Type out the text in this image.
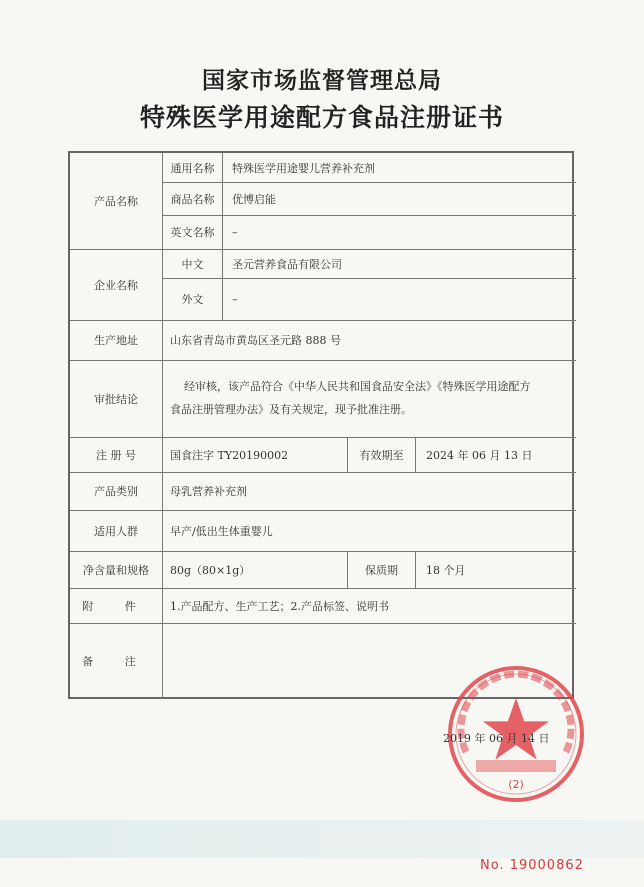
国家市场监督管理总局
特殊医学用途配方食品注册证书
产品名称
通用名称	特殊医学用途婴儿营养补充剂
商品名称	优博启能
英文名称	–
企业名称
中文	圣元营养食品有限公司
外文	–
生产地址	山东省青岛市黄岛区圣元路 888 号
审批结论
经审核，该产品符合《中华人民共和国食品安全法》《特殊医学用途配方
食品注册管理办法》及有关规定，现予批准注册。
注 册 号	国食注字 TY20190002	有效期至	2024 年 06 月 13 日
产品类别	母乳营养补充剂
适用人群	早产/低出生体重婴儿
净含量和规格	80g（80×1g）	保质期	18 个月
附 件	1.产品配方、生产工艺；2.产品标签、说明书
备 注
(2)
2019 年 06 月 14 日
No. 19000862
